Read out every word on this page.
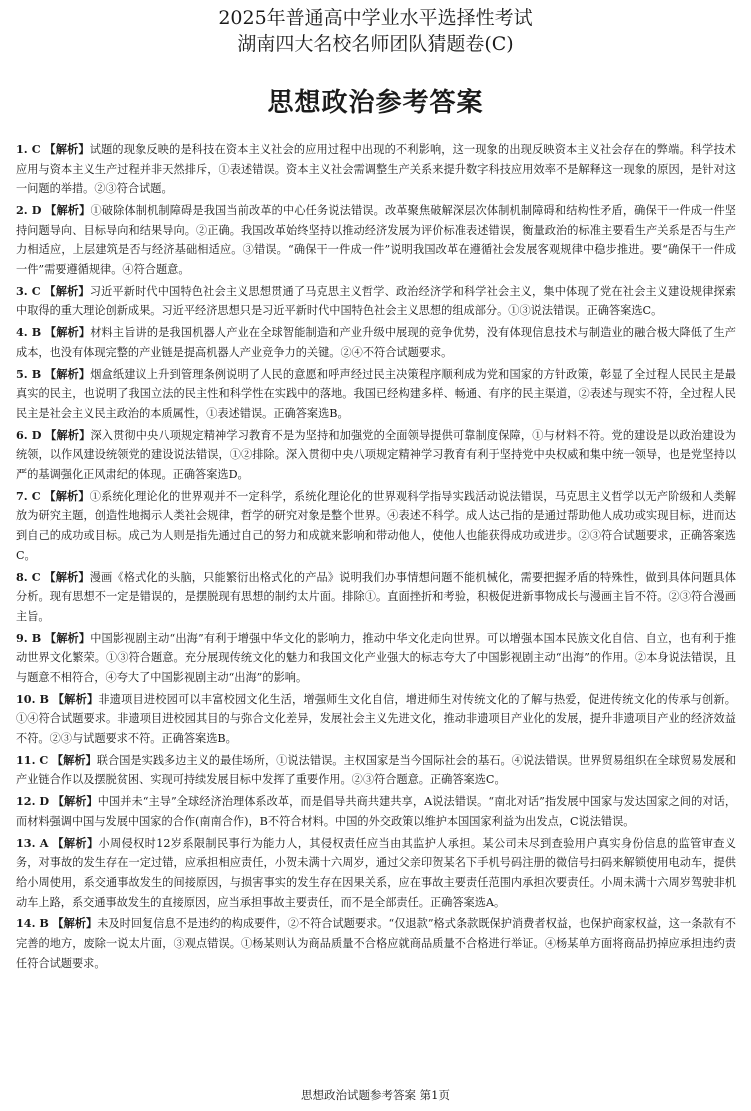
2025年普通高中学业水平选择性考试
湖南四大名校名师团队猜题卷(C)
思想政治参考答案

1. C 【解析】试题的现象反映的是科技在资本主义社会的应用过程中出现的不利影响，这一现象的出现反映资本主义社会存在的弊端。科学技术应用与资本主义生产过程并非天然排斥，①表述错误。资本主义社会需调整生产关系来提升数字科技应用效率不是解释这一现象的原因，是针对这一问题的举措。②③符合试题。

2. D 【解析】①破除体制机制障碍是我国当前改革的中心任务说法错误。改革聚焦破解深层次体制机制障碍和结构性矛盾，确保干一件成一件坚持问题导向、目标导向和结果导向。②正确。我国改革始终坚持以推动经济发展为评价标准表述错误，衡量政治的标准主要看生产关系是否与生产力相适应，上层建筑是否与经济基础相适应。③错误。“确保干一件成一件”说明我国改革在遵循社会发展客观规律中稳步推进。要“确保干一件成一件”需要遵循规律。④符合题意。

3. C 【解析】习近平新时代中国特色社会主义思想贯通了马克思主义哲学、政治经济学和科学社会主义，集中体现了党在社会主义建设规律探索中取得的重大理论创新成果。习近平经济思想只是习近平新时代中国特色社会主义思想的组成部分。①③说法错误。正确答案选C。

4. B 【解析】材料主旨讲的是我国机器人产业在全球智能制造和产业升级中展现的竞争优势，没有体现信息技术与制造业的融合极大降低了生产成本，也没有体现完整的产业链是提高机器人产业竞争力的关键。②④不符合试题要求。

5. B 【解析】烟盒纸建议上升到管理条例说明了人民的意愿和呼声经过民主决策程序顺利成为党和国家的方针政策，彰显了全过程人民民主是最真实的民主，也说明了我国立法的民主性和科学性在实践中的落地。我国已经构建多样、畅通、有序的民主渠道，②表述与现实不符，全过程人民民主是社会主义民主政治的本质属性，①表述错误。正确答案选B。

6. D 【解析】深入贯彻中央八项规定精神学习教育不是为坚持和加强党的全面领导提供可靠制度保障，①与材料不符。党的建设是以政治建设为统领，以作风建设统领党的建设说法错误，①②排除。深入贯彻中央八项规定精神学习教育有利于坚持党中央权威和集中统一领导，也是党坚持以严的基调强化正风肃纪的体现。正确答案选D。

7. C 【解析】①系统化理论化的世界观并不一定科学，系统化理论化的世界观科学指导实践活动说法错误，马克思主义哲学以无产阶级和人类解放为研究主题，创造性地揭示人类社会规律，哲学的研究对象是整个世界。④表述不科学。成人达己指的是通过帮助他人成功或实现目标，进而达到自己的成功或目标。成己为人则是指先通过自己的努力和成就来影响和带动他人，使他人也能获得成功或进步。②③符合试题要求，正确答案选C。

8. C 【解析】漫画《格式化的头脑，只能繁衍出格式化的产品》说明我们办事情想问题不能机械化，需要把握矛盾的特殊性，做到具体问题具体分析。现有思想不一定是错误的，是摆脱现有思想的制约太片面。排除①。直面挫折和考验，积极促进新事物成长与漫画主旨不符。②③符合漫画主旨。

9. B 【解析】中国影视剧主动“出海”有利于增强中华文化的影响力，推动中华文化走向世界。可以增强本国本民族文化自信、自立，也有利于推动世界文化繁荣。①③符合题意。充分展现传统文化的魅力和我国文化产业强大的标志夸大了中国影视剧主动“出海”的作用。②本身说法错误，且与题意不相符合，④夸大了中国影视剧主动“出海”的影响。

10. B 【解析】非遗项目进校园可以丰富校园文化生活，增强师生文化自信，增进师生对传统文化的了解与热爱，促进传统文化的传承与创新。①④符合试题要求。非遗项目进校园其目的与弥合文化差异，发展社会主义先进文化，推动非遗项目产业化的发展，提升非遗项目产业的经济效益不符。②③与试题要求不符。正确答案选B。

11. C 【解析】联合国是实践多边主义的最佳场所，①说法错误。主权国家是当今国际社会的基石。④说法错误。世界贸易组织在全球贸易发展和产业链合作以及摆脱贫困、实现可持续发展目标中发挥了重要作用。②③符合题意。正确答案选C。

12. D 【解析】中国并未“主导”全球经济治理体系改革，而是倡导共商共建共享，A说法错误。“南北对话”指发展中国家与发达国家之间的对话，而材料强调中国与发展中国家的合作(南南合作)，B不符合材料。中国的外交政策以维护本国国家利益为出发点，C说法错误。

13. A 【解析】小周侵权时12岁系限制民事行为能力人，其侵权责任应当由其监护人承担。某公司未尽到查验用户真实身份信息的监管审查义务，对事故的发生存在一定过错，应承担相应责任，小贺未满十六周岁，通过父亲印贺某名下手机号码注册的微信号扫码来解锁使用电动车，提供给小周使用，系交通事故发生的间接原因，与损害事实的发生存在因果关系，应在事故主要责任范围内承担次要责任。小周未满十六周岁驾驶非机动车上路，系交通事故发生的直接原因，应当承担事故主要责任，而不是全部责任。正确答案选A。

14. B 【解析】未及时回复信息不是违约的构成要件，②不符合试题要求。“仅退款”格式条款既保护消费者权益，也保护商家权益，这一条款有不完善的地方，废除一说太片面，③观点错误。①杨某则认为商品质量不合格应就商品质量不合格进行举证。④杨某单方面将商品扔掉应承担违约责任符合试题要求。

思想政治试题参考答案 第1页
